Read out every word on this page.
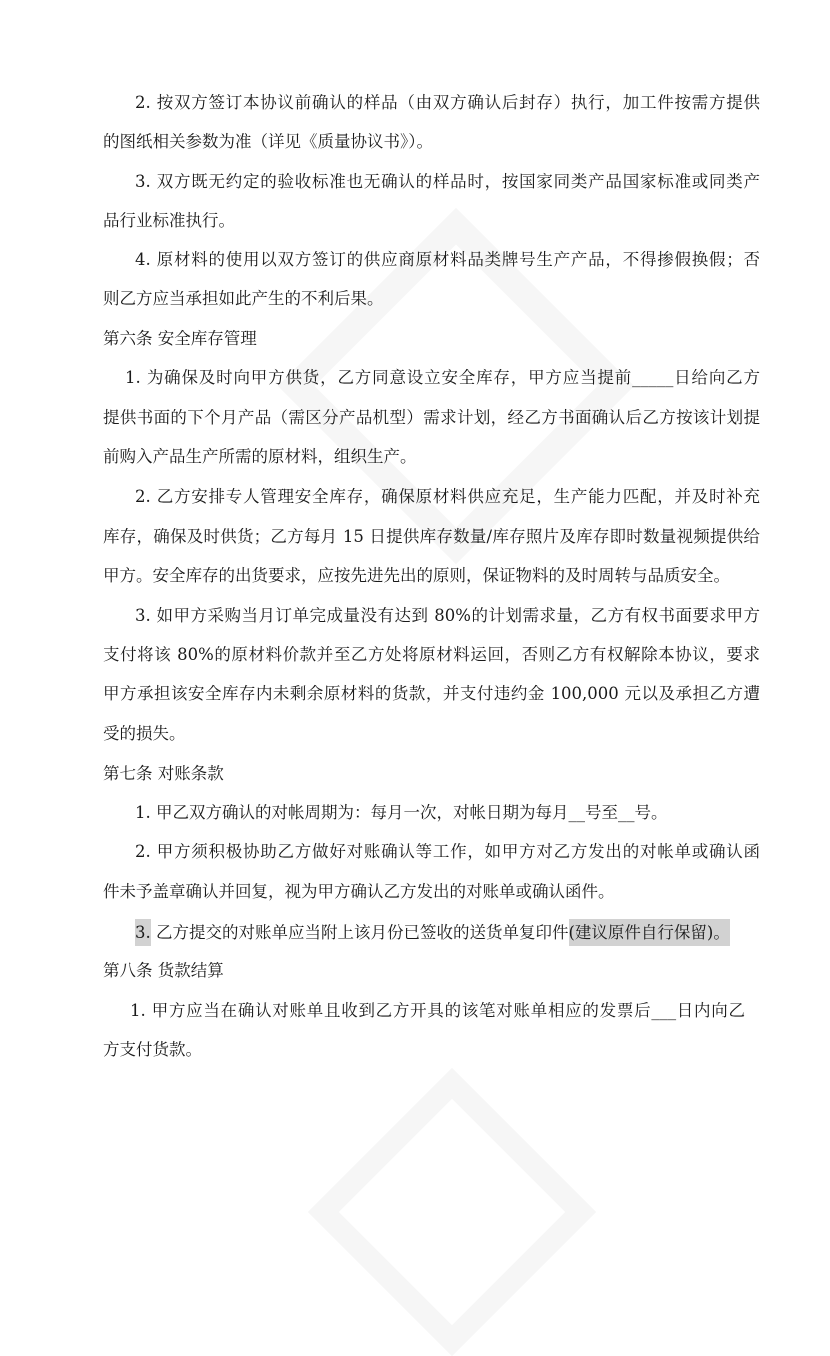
2. 按双方签订本协议前确认的样品（由双方确认后封存）执行，加工件按需方提供
的图纸相关参数为准（详见《质量协议书》）。
3. 双方既无约定的验收标准也无确认的样品时，按国家同类产品国家标准或同类产
品行业标准执行。
4. 原材料的使用以双方签订的供应商原材料品类牌号生产产品，不得掺假换假；否
则乙方应当承担如此产生的不利后果。
第六条 安全库存管理
1. 为确保及时向甲方供货，乙方同意设立安全库存，甲方应当提前_____日给向乙方
提供书面的下个月产品（需区分产品机型）需求计划，经乙方书面确认后乙方按该计划提
前购入产品生产所需的原材料，组织生产。
2. 乙方安排专人管理安全库存，确保原材料供应充足，生产能力匹配，并及时补充
库存，确保及时供货；乙方每月 15 日提供库存数量/库存照片及库存即时数量视频提供给
甲方。安全库存的出货要求，应按先进先出的原则，保证物料的及时周转与品质安全。
3. 如甲方采购当月订单完成量没有达到 80%的计划需求量，乙方有权书面要求甲方
支付将该 80%的原材料价款并至乙方处将原材料运回，否则乙方有权解除本协议，要求
甲方承担该安全库存内未剩余原材料的货款，并支付违约金 100,000 元以及承担乙方遭
受的损失。
第七条 对账条款
1. 甲乙双方确认的对帐周期为：每月一次，对帐日期为每月__号至__号。
2. 甲方须积极协助乙方做好对账确认等工作，如甲方对乙方发出的对帐单或确认函
件未予盖章确认并回复，视为甲方确认乙方发出的对账单或确认函件。
3. 乙方提交的对账单应当附上该月份已签收的送货单复印件(建议原件自行保留)。
第八条 货款结算
1. 甲方应当在确认对账单且收到乙方开具的该笔对账单相应的发票后___日内向乙
方支付货款。
